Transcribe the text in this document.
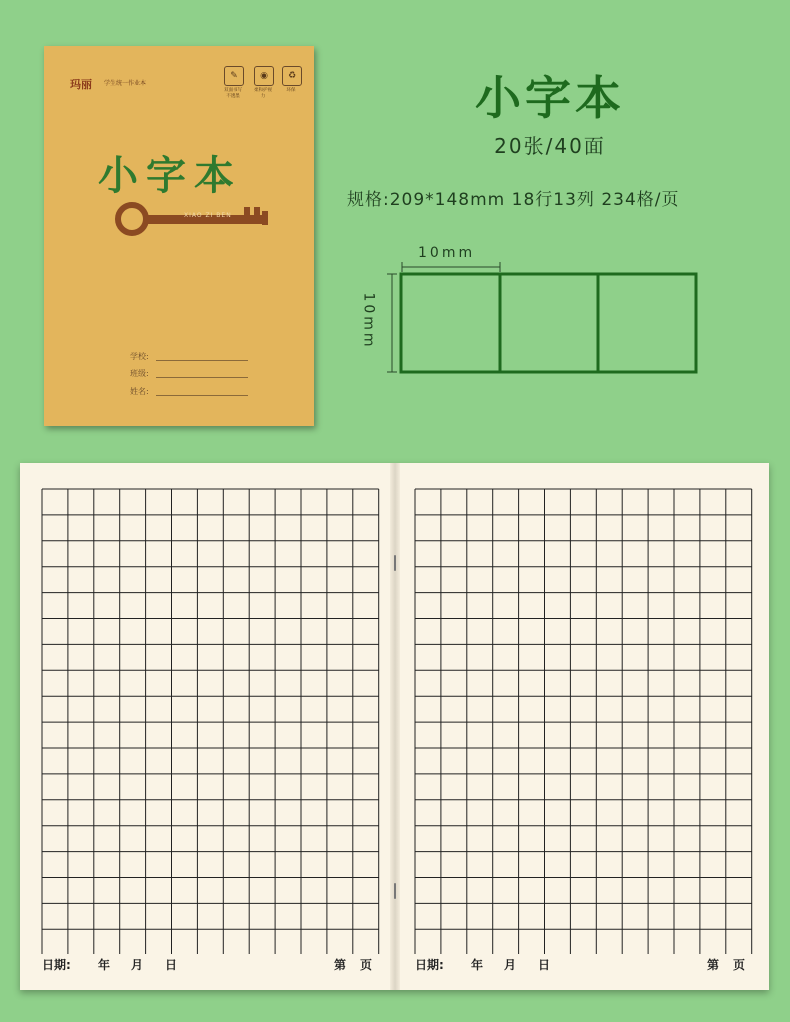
玛丽 学生统一作业本
✎
双面书写不透墨
◉
柔和护视力
♻
环保
小字本
XIAO ZI BEN
学校:
班级:
姓名:
小字本
20张/40面
规格:209*148mm 18行13列 234格/页
10mm
10mm
日期: 年 月 日	第 页	日期: 年 月 日	第 页
